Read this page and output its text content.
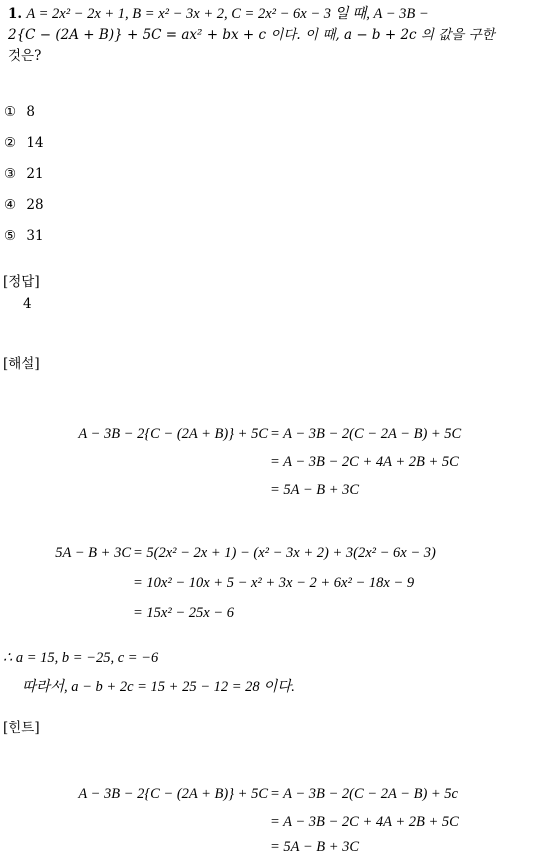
1. A = 2x² − 2x + 1, B = x² − 3x + 2, C = 2x² − 6x − 3 일 때, A − 3B −
2{C − (2A + B)} + 5C = ax² + bx + c 이다. 이 때, a − b + 2c 의 값을 구한
것은?
① 8
② 14
③ 21
④ 28
⑤ 31
[정답]
4
[해설]
A − 3B − 2{C − (2A + B)} + 5C = A − 3B − 2(C − 2A − B) + 5C
= A − 3B − 2C + 4A + 2B + 5C
= 5A − B + 3C
5A − B + 3C = 5(2x² − 2x + 1) − (x² − 3x + 2) + 3(2x² − 6x − 3)
= 10x² − 10x + 5 − x² + 3x − 2 + 6x² − 18x − 9
= 15x² − 25x − 6
∴ a = 15, b = −25, c = −6
따라서, a − b + 2c = 15 + 25 − 12 = 28 이다.
[힌트]
A − 3B − 2{C − (2A + B)} + 5C = A − 3B − 2(C − 2A − B) + 5c
= A − 3B − 2C + 4A + 2B + 5C
= 5A − B + 3C
